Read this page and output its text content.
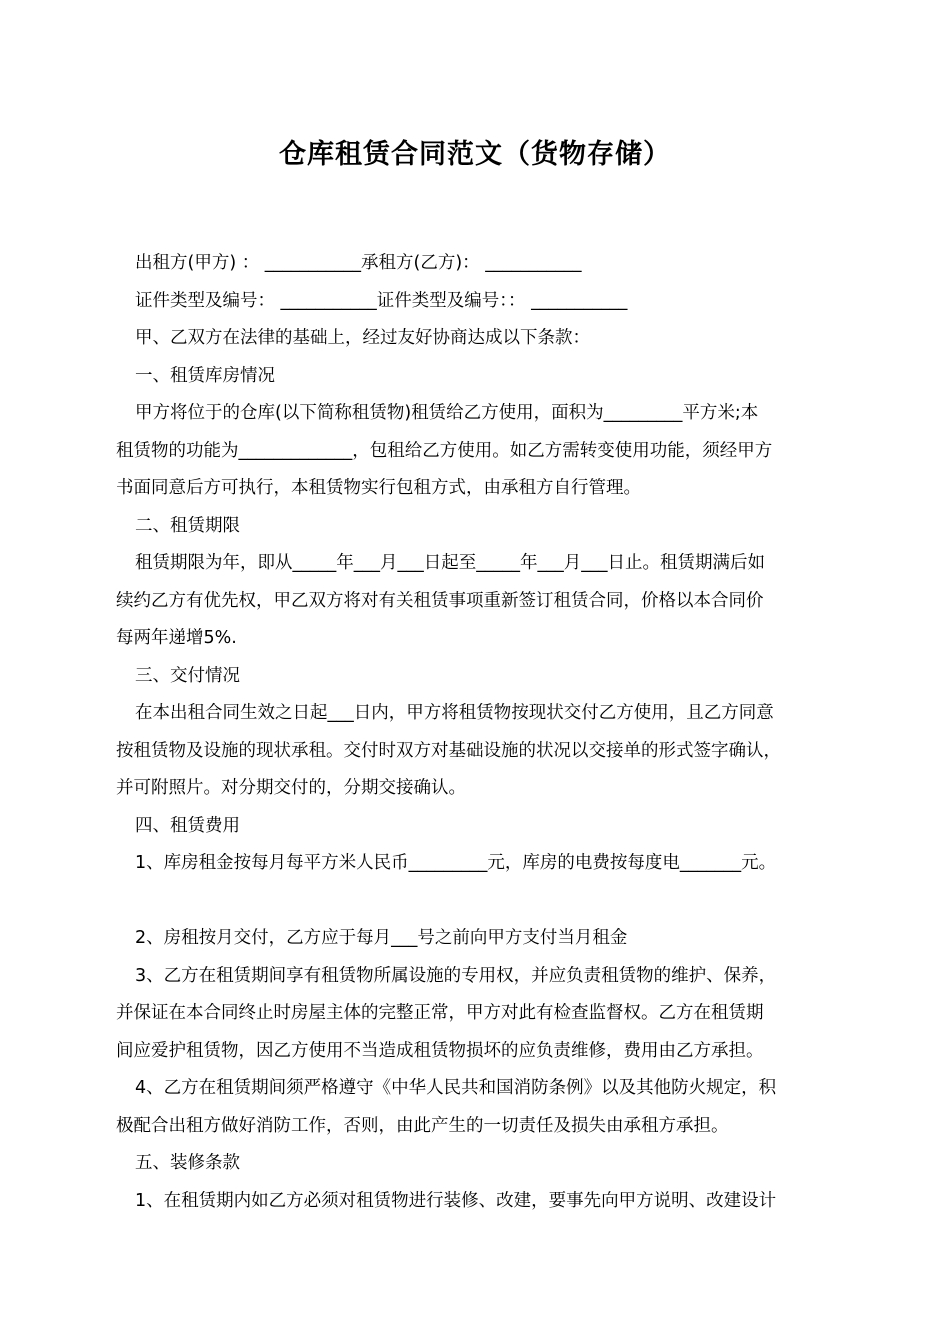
仓库租赁合同范文（货物存储）
出租方(甲方) ： ___________承租方(乙方)： ___________
证件类型及编号： ___________证件类型及编号：： ___________
甲、乙双方在法律的基础上，经过友好协商达成以下条款：
一、租赁库房情况
甲方将位于的仓库(以下简称租赁物)租赁给乙方使用，面积为_________平方米;本
租赁物的功能为_____________，包租给乙方使用。如乙方需转变使用功能，须经甲方
书面同意后方可执行，本租赁物实行包租方式，由承租方自行管理。
二、租赁期限
租赁期限为年，即从_____年___月___日起至_____年___月___日止。租赁期满后如
续约乙方有优先权，甲乙双方将对有关租赁事项重新签订租赁合同，价格以本合同价
每两年递增5%.
三、交付情况
在本出租合同生效之日起___日内，甲方将租赁物按现状交付乙方使用，且乙方同意
按租赁物及设施的现状承租。交付时双方对基础设施的状况以交接单的形式签字确认，
并可附照片。对分期交付的，分期交接确认。
四、租赁费用
1、库房租金按每月每平方米人民币_________元，库房的电费按每度电_______元。
2、房租按月交付，乙方应于每月___号之前向甲方支付当月租金
3、乙方在租赁期间享有租赁物所属设施的专用权，并应负责租赁物的维护、保养，
并保证在本合同终止时房屋主体的完整正常，甲方对此有检查监督权。乙方在租赁期
间应爱护租赁物，因乙方使用不当造成租赁物损坏的应负责维修，费用由乙方承担。
4、乙方在租赁期间须严格遵守《中华人民共和国消防条例》以及其他防火规定，积
极配合出租方做好消防工作，否则，由此产生的一切责任及损失由承租方承担。
五、装修条款
1、在租赁期内如乙方必须对租赁物进行装修、改建，要事先向甲方说明、改建设计
